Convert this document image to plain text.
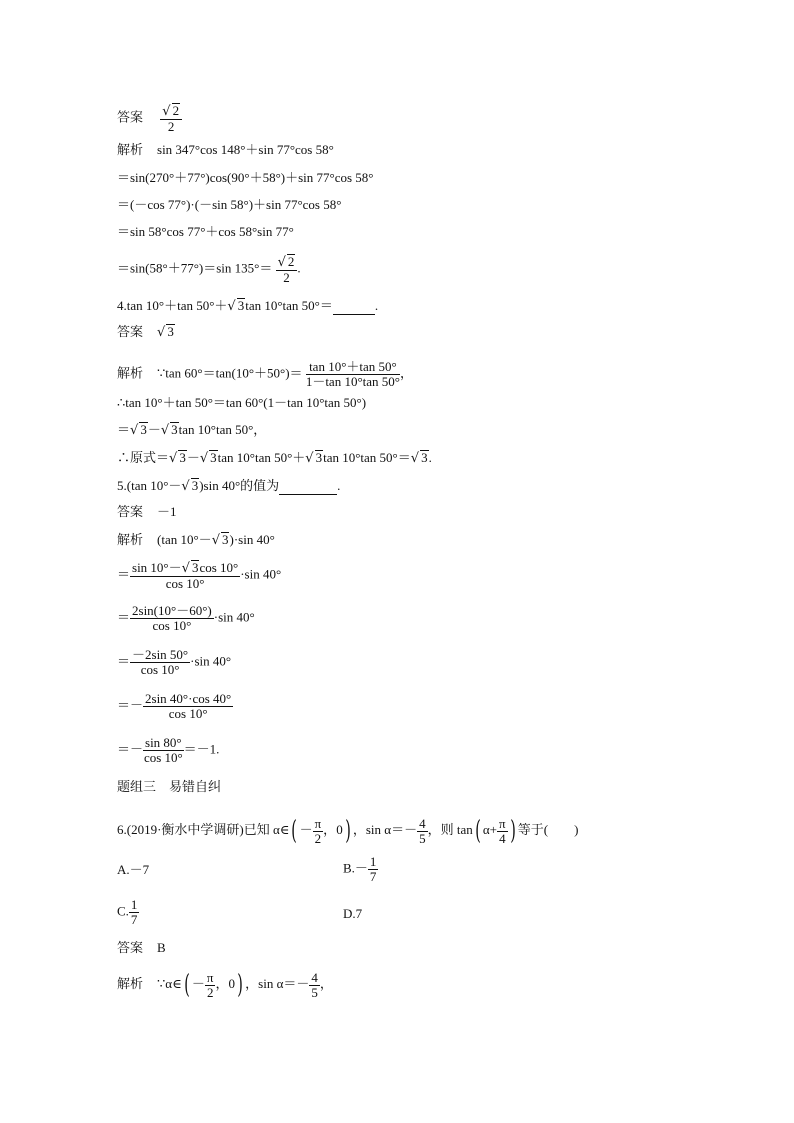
答案 $\frac{√ 2}{2}$
解析 sin 347°cos 148°＋sin 77°cos 58°
＝sin(270°＋77°)cos(90°＋58°)＋sin 77°cos 58°
＝(－cos 77°)·(－sin 58°)＋sin 77°cos 58°
＝sin 58°cos 77°＋cos 58°sin 77°
＝sin(58°＋77°)＝sin $135^\circ= \frac{√ 2}{2}$ .
4.tan 10°＋tan 50°＋√ 3tan 10°tan 50°＝	.
答案 √ 3
解析 ∵tan $60^\circ=\tan(10^\circ+50^\circ)= \frac{\tan 10^\circ+\tan 50^\circ}{1-\tan 10^\circ\tan 50^\circ}$ ，
∴tan 10°＋tan 50°＝tan 60°(1－tan 10°tan 50°)
＝√ 3－√ 3tan 10°tan 50°，
∴原式＝√ 3－√ 3tan 10°tan 50°＋√ 3tan 10°tan 50°＝√ 3.
5.(tan 10°－√ 3)sin 40°的值为	.
答案 －1
解析 (tan 10°－√ 3)·sin 40°
＝ $\frac{\sin 10^\circ-√ 3\cos 10^\circ}{\cos 10^\circ} \cdot\sin$ 40°
＝ $\frac{2\sin(10^\circ-60^\circ)}{\cos 10^\circ} \cdot\sin$ 40°
＝ $\frac{-2\sin 50^\circ}{\cos 10^\circ} \cdot\sin$ 40°
＝－ $\frac{2\sin 40^\circ\cdot\cos 40^\circ}{\cos 10^\circ}$
＝－ $\frac{\sin 80^\circ}{\cos 10^\circ} =-1$.
题组三　易错自纠
6.(2019·衡水中学调研)已知 α∈( － $\frac{\pi}{2}$ ，0) ，$\sin \alpha=- \frac{4}{5}$ ，则 tan( $\alpha+ \frac{\pi}{4}$ ) 等于(　　)
A.－7	$B.- \frac{1}{7}$
C. $\frac{1}{7}$	D.7
答案 B
解析 ∵α∈( － $\frac{\pi}{2}$ ，0) ，$\sin \alpha=- \frac{4}{5}$ ，
